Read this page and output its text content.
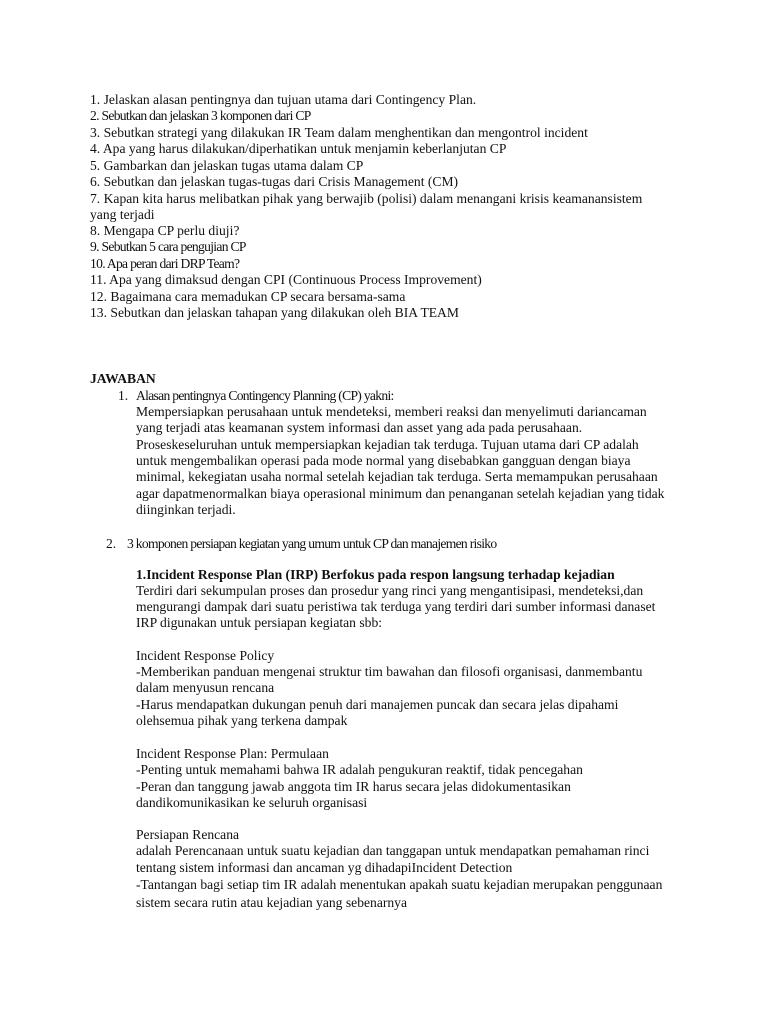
1. Jelaskan alasan pentingnya dan tujuan utama dari Contingency Plan.
2. Sebutkan dan jelaskan 3 komponen dari CP
3. Sebutkan strategi yang dilakukan IR Team dalam menghentikan dan mengontrol incident
4. Apa yang harus dilakukan/diperhatikan untuk menjamin keberlanjutan CP
5. Gambarkan dan jelaskan tugas utama dalam CP
6. Sebutkan dan jelaskan tugas-tugas dari Crisis Management (CM)
7. Kapan kita harus melibatkan pihak yang berwajib (polisi) dalam menangani krisis keamanansistem
yang terjadi
8. Mengapa CP perlu diuji?
9. Sebutkan 5 cara pengujian CP
10. Apa peran dari DRP Team?
11. Apa yang dimaksud dengan CPI (Continuous Process Improvement)
12. Bagaimana cara memadukan CP secara bersama-sama
13. Sebutkan dan jelaskan tahapan yang dilakukan oleh BIA TEAM
JAWABAN
1. Alasan pentingnya Contingency Planning (CP) yakni:
Mempersiapkan perusahaan untuk mendeteksi, memberi reaksi dan menyelimuti dariancaman
yang terjadi atas keamanan system informasi dan asset yang ada pada perusahaan.
Proseskeseluruhan untuk mempersiapkan kejadian tak terduga. Tujuan utama dari CP adalah
untuk mengembalikan operasi pada mode normal yang disebabkan gangguan dengan biaya
minimal, kekegiatan usaha normal setelah kejadian tak terduga. Serta memampukan perusahaan
agar dapatmenormalkan biaya operasional minimum dan penanganan setelah kejadian yang tidak
diinginkan terjadi.
2. 3 komponen persiapan kegiatan yang umum untuk CP dan manajemen risiko
1.Incident Response Plan (IRP) Berfokus pada respon langsung terhadap kejadian
Terdiri dari sekumpulan proses dan prosedur yang rinci yang mengantisipasi, mendeteksi,dan
mengurangi dampak dari suatu peristiwa tak terduga yang terdiri dari sumber informasi danaset
IRP digunakan untuk persiapan kegiatan sbb:
Incident Response Policy
-Memberikan panduan mengenai struktur tim bawahan dan filosofi organisasi, danmembantu
dalam menyusun rencana
-Harus mendapatkan dukungan penuh dari manajemen puncak dan secara jelas dipahami
olehsemua pihak yang terkena dampak
Incident Response Plan: Permulaan
-Penting untuk memahami bahwa IR adalah pengukuran reaktif, tidak pencegahan
-Peran dan tanggung jawab anggota tim IR harus secara jelas didokumentasikan
dandikomunikasikan ke seluruh organisasi
Persiapan Rencana
adalah Perencanaan untuk suatu kejadian dan tanggapan untuk mendapatkan pemahaman rinci
tentang sistem informasi dan ancaman yg dihadapiIncident Detection
-Tantangan bagi setiap tim IR adalah menentukan apakah suatu kejadian merupakan penggunaan
sistem secara rutin atau kejadian yang sebenarnya
